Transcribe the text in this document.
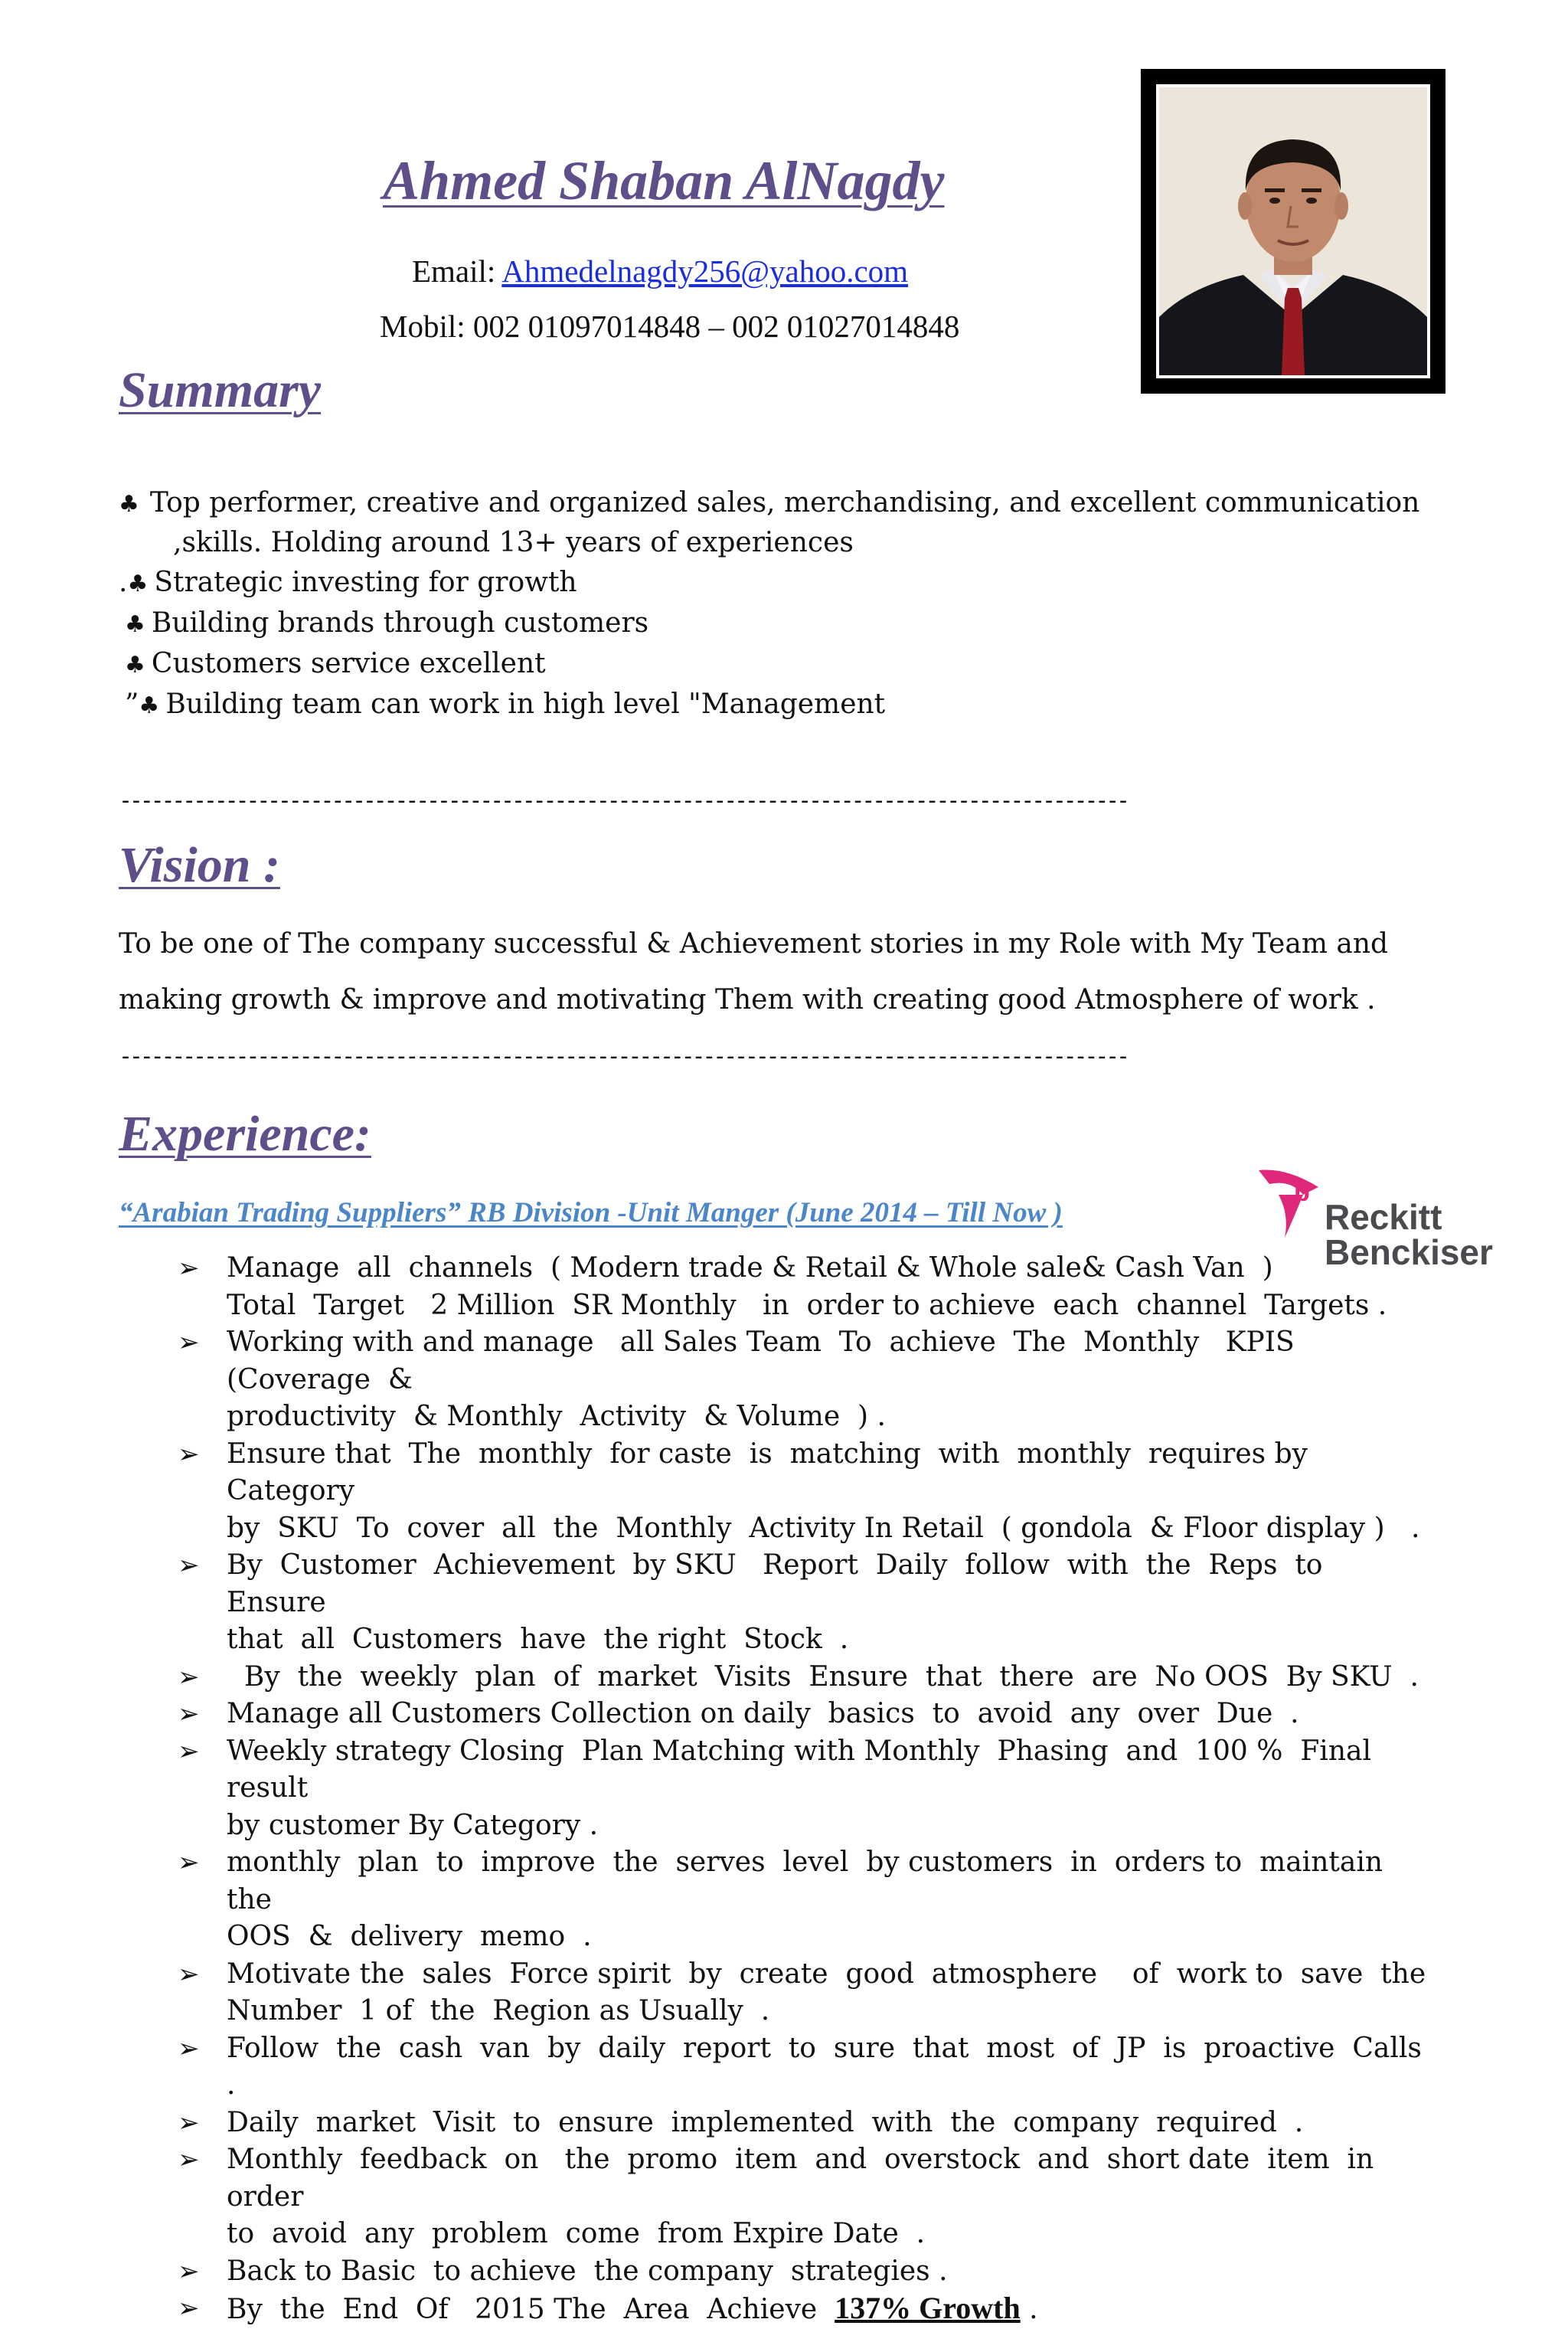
Ahmed Shaban AlNagdy
Email: Ahmedelnagdy256@yahoo.com
Mobil: 002 01097014848 – 002 01027014848
Summary
♣ Top performer, creative and organized sales, merchandising, and excellent communication
,skills. Holding around 13+ years of experiences
.♣ Strategic investing for growth
♣ Building brands through customers
♣ Customers service excellent
”♣ Building team can work in high level "Management
-----------------------------------------------------------------------------------------------
Vision :
To be one of The company successful & Achievement stories in my Role with My Team and
making growth & improve and motivating Them with creating good Atmosphere of work .
-----------------------------------------------------------------------------------------------
Experience:
“Arabian Trading Suppliers” RB Division -Unit Manger (June 2014 – Till Now )
b
Reckitt
Benckiser
➢ Manage  all  channels  ( Modern trade & Retail & Whole sale& Cash Van  )
Total  Target   2 Million  SR Monthly   in  order to achieve  each  channel  Targets .
➢ Working with and manage   all Sales Team  To  achieve  The  Monthly   KPIS (Coverage  &
productivity  & Monthly  Activity  & Volume  ) .
➢ Ensure that  The  monthly  for caste  is  matching  with  monthly  requires by Category
by  SKU  To  cover  all  the  Monthly  Activity In Retail  ( gondola  & Floor display )   .
➢ By  Customer  Achievement  by SKU   Report  Daily  follow  with  the  Reps  to  Ensure
that  all  Customers  have  the right  Stock  .
➢ By  the  weekly  plan  of  market  Visits  Ensure  that  there  are  No OOS  By SKU  .
➢ Manage all Customers Collection on daily  basics  to  avoid  any  over  Due  .
➢ Weekly strategy Closing  Plan Matching with Monthly  Phasing  and  100 %  Final  result
by customer By Category .
➢ monthly  plan  to  improve  the  serves  level  by customers  in  orders to  maintain   the
OOS  &  delivery  memo  .
➢ Motivate the  sales  Force spirit  by  create  good  atmosphere    of  work to  save  the
Number  1 of  the  Region as Usually  .
➢ Follow  the  cash  van  by  daily  report  to  sure  that  most  of  JP  is  proactive  Calls  .
➢ Daily  market  Visit  to  ensure  implemented  with  the  company  required  .
➢ Monthly  feedback  on   the  promo  item  and  overstock  and  short date  item  in order
to  avoid  any  problem  come  from Expire Date  .
➢ Back to Basic  to achieve  the company  strategies .
➢ By  the  End  Of   2015 The  Area  Achieve  137% Growth .
